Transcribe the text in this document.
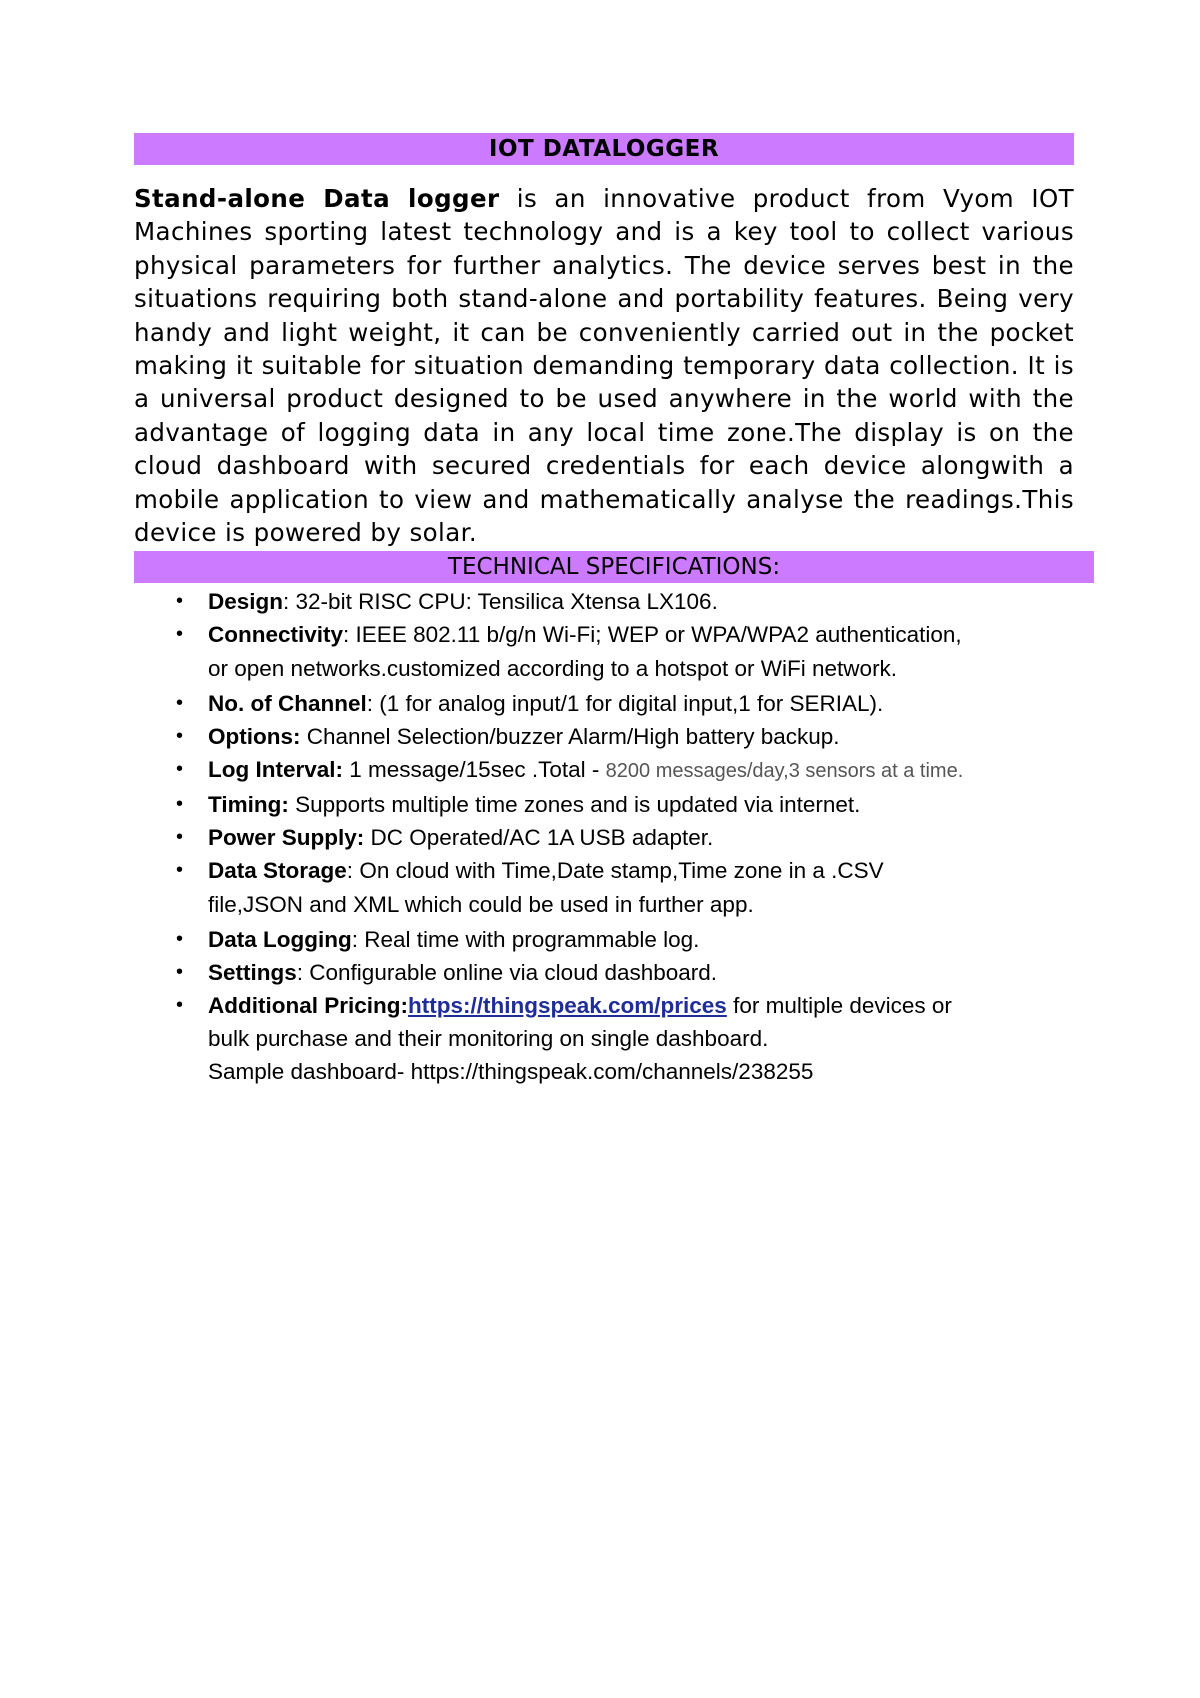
IOT DATALOGGER

Stand-alone Data logger is an innovative product from Vyom IOT Machines sporting latest technology and is a key tool to collect various physical parameters for further analytics. The device serves best in the situations requiring both stand-alone and portability features. Being very handy and light weight, it can be conveniently carried out in the pocket making it suitable for situation demanding temporary data collection. It is a universal product designed to be used anywhere in the world with the advantage of logging data in any local time zone.The display is on the cloud dashboard with secured credentials for each device alongwith a mobile application to view and mathematically analyse the readings.This device is powered by solar.

TECHNICAL SPECIFICATIONS:
• Design: 32-bit RISC CPU: Tensilica Xtensa LX106.
• Connectivity: IEEE 802.11 b/g/n Wi-Fi; WEP or WPA/WPA2 authentication,
or open networks.customized according to a hotspot or WiFi network.
• No. of Channel: (1 for analog input/1 for digital input,1 for SERIAL).
• Options: Channel Selection/buzzer Alarm/High battery backup.
• Log Interval: 1 message/15sec .Total - 8200 messages/day,3 sensors at a time.
• Timing: Supports multiple time zones and is updated via internet.
• Power Supply: DC Operated/AC 1A USB adapter.
• Data Storage: On cloud with Time,Date stamp,Time zone in a .CSV
file,JSON and XML which could be used in further app.
• Data Logging: Real time with programmable log.
• Settings: Configurable online via cloud dashboard.
• Additional Pricing:https://thingspeak.com/prices for multiple devices or
bulk purchase and their monitoring on single dashboard.
Sample dashboard- https://thingspeak.com/channels/238255
